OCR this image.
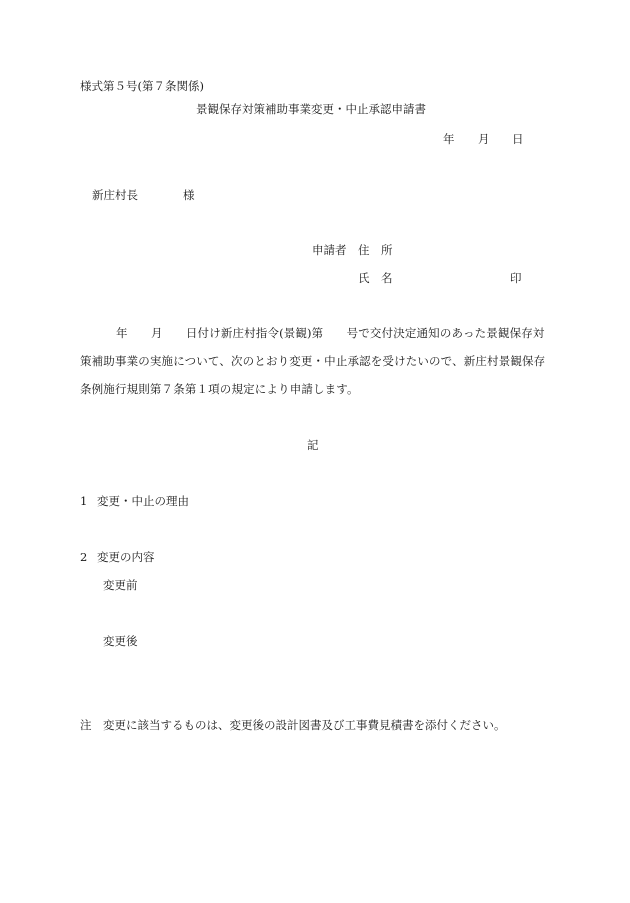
様式第５号(第７条関係)
景観保存対策補助事業変更・中止承認申請書
年 月 日
新庄村長	様
申請者 住　所
氏　名	印
年　　月　　日付け新庄村指令(景観)第　　号で交付決定通知のあった景観保存対
策補助事業の実施について、次のとおり変更・中止承認を受けたいので、新庄村景観保存
条例施行規則第７条第１項の規定により申請します。
記
1 変更・中止の理由
2 変更の内容
変更前
変更後
注 変更に該当するものは、変更後の設計図書及び工事費見積書を添付ください。
